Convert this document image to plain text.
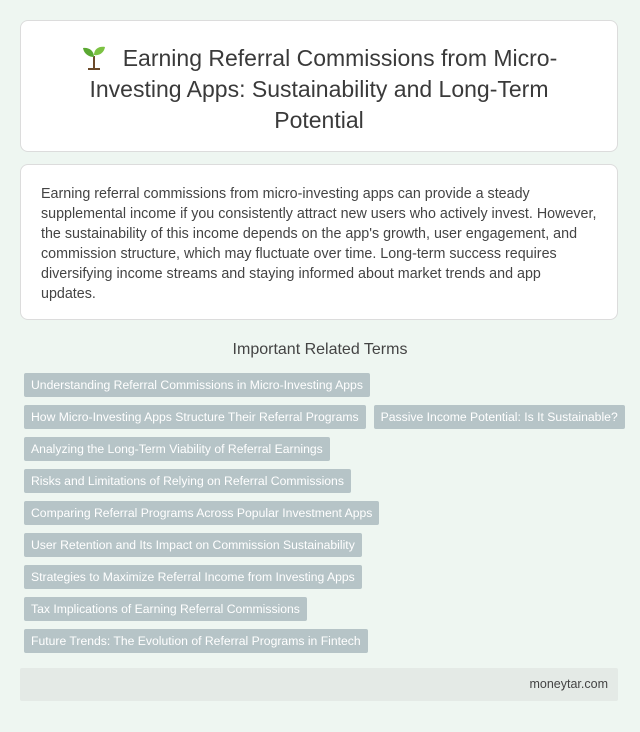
Earning Referral Commissions from Micro-Investing Apps: Sustainability and Long-Term Potential

Earning referral commissions from micro-investing apps can provide a steady supplemental income if you consistently attract new users who actively invest. However, the sustainability of this income depends on the app's growth, user engagement, and commission structure, which may fluctuate over time. Long-term success requires diversifying income streams and staying informed about market trends and app updates.

Important Related Terms
Understanding Referral Commissions in Micro-Investing Apps
How Micro-Investing Apps Structure Their Referral Programs	Passive Income Potential: Is It Sustainable?
Analyzing the Long-Term Viability of Referral Earnings
Risks and Limitations of Relying on Referral Commissions
Comparing Referral Programs Across Popular Investment Apps
User Retention and Its Impact on Commission Sustainability
Strategies to Maximize Referral Income from Investing Apps
Tax Implications of Earning Referral Commissions
Future Trends: The Evolution of Referral Programs in Fintech
moneytar.com
